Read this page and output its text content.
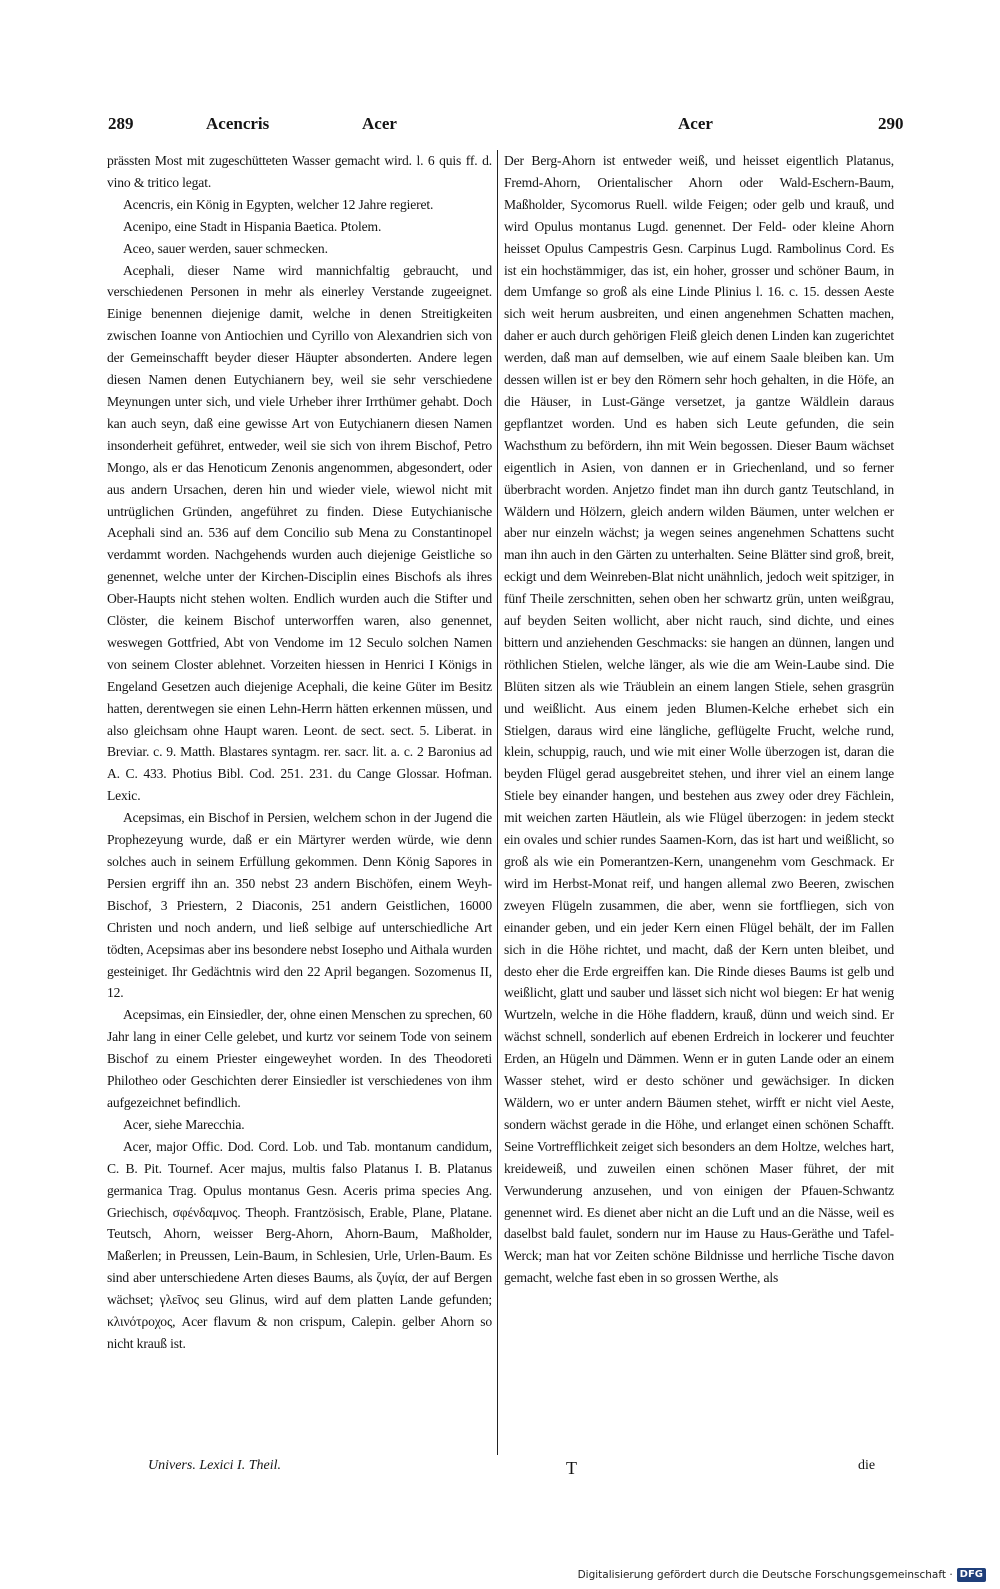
289	Acencris	Acer	Acer	290

prässten Most mit zugeschütteten Wasser gemacht wird. l. 6 quis ff. d. vino & tritico legat.

Acencris, ein König in Egypten, welcher 12 Jahre regieret.

Acenipo, eine Stadt in Hispania Baetica. Ptolem.

Aceo, sauer werden, sauer schmecken.

Acephali, dieser Name wird mannichfaltig gebraucht, und verschiedenen Personen in mehr als einerley Verstande zugeeignet. Einige benennen diejenige damit, welche in denen Streitigkeiten zwischen Ioanne von Antiochien und Cyrillo von Alexandrien sich von der Gemeinschafft beyder dieser Häupter absonderten. Andere legen diesen Namen denen Eutychianern bey, weil sie sehr verschiedene Meynungen unter sich, und viele Urheber ihrer Irrthümer gehabt. Doch kan auch seyn, daß eine gewisse Art von Eutychianern diesen Namen insonderheit geführet, entweder, weil sie sich von ihrem Bischof, Petro Mongo, als er das Henoticum Zenonis angenommen, abgesondert, oder aus andern Ursachen, deren hin und wieder viele, wiewol nicht mit untrüglichen Gründen, angeführet zu finden. Diese Eutychianische Acephali sind an. 536 auf dem Concilio sub Mena zu Constantinopel verdammt worden. Nachgehends wurden auch diejenige Geistliche so genennet, welche unter der Kirchen-Disciplin eines Bischofs als ihres Ober-Haupts nicht stehen wolten. Endlich wurden auch die Stifter und Clöster, die keinem Bischof unterworffen waren, also genennet, weswegen Gottfried, Abt von Vendome im 12 Seculo solchen Namen von seinem Closter ablehnet. Vorzeiten hiessen in Henrici I Königs in Engeland Gesetzen auch diejenige Acephali, die keine Güter im Besitz hatten, derentwegen sie einen Lehn-Herrn hätten erkennen müssen, und also gleichsam ohne Haupt waren. Leont. de sect. sect. 5. Liberat. in Breviar. c. 9. Matth. Blastares syntagm. rer. sacr. lit. a. c. 2 Baronius ad A. C. 433. Photius Bibl. Cod. 251. 231. du Cange Glossar. Hofman. Lexic.

Acepsimas, ein Bischof in Persien, welchem schon in der Jugend die Prophezeyung wurde, daß er ein Märtyrer werden würde, wie denn solches auch in seinem Erfüllung gekommen. Denn König Sapores in Persien ergriff ihn an. 350 nebst 23 andern Bischöfen, einem Weyh-Bischof, 3 Priestern, 2 Diaconis, 251 andern Geistlichen, 16000 Christen und noch andern, und ließ selbige auf unterschiedliche Art tödten, Acepsimas aber ins besondere nebst Iosepho und Aithala wurden gesteiniget. Ihr Gedächtnis wird den 22 April begangen. Sozomenus II, 12.

Acepsimas, ein Einsiedler, der, ohne einen Menschen zu sprechen, 60 Jahr lang in einer Celle gelebet, und kurtz vor seinem Tode von seinem Bischof zu einem Priester eingeweyhet worden. In des Theodoreti Philotheo oder Geschichten derer Einsiedler ist verschiedenes von ihm aufgezeichnet befindlich.

Acer, siehe Marecchia.

Acer, major Offic. Dod. Cord. Lob. und Tab. montanum candidum, C. B. Pit. Tournef. Acer majus, multis falso Platanus I. B. Platanus germanica Trag. Opulus montanus Gesn. Aceris prima species Ang. Griechisch, σφένδαμνος. Theoph. Frantzösisch, Erable, Plane, Platane. Teutsch, Ahorn, weisser Berg-Ahorn, Ahorn-Baum, Maßholder, Maßerlen; in Preussen, Lein-Baum, in Schlesien, Urle, Urlen-Baum. Es sind aber unterschiedene Arten dieses Baums, als ζυγία, der auf Bergen wächset; γλεῖνος seu Glinus, wird auf dem platten Lande gefunden; κλινότροχος, Acer flavum & non crispum, Calepin. gelber Ahorn so nicht krauß ist.

Der Berg-Ahorn ist entweder weiß, und heisset eigentlich Platanus, Fremd-Ahorn, Orientalischer Ahorn oder Wald-Eschern-Baum, Maßholder, Sycomorus Ruell. wilde Feigen; oder gelb und krauß, und wird Opulus montanus Lugd. genennet. Der Feld- oder kleine Ahorn heisset Opulus Campestris Gesn. Carpinus Lugd. Rambolinus Cord. Es ist ein hochstämmiger, das ist, ein hoher, grosser und schöner Baum, in dem Umfange so groß als eine Linde Plinius l. 16. c. 15. dessen Aeste sich weit herum ausbreiten, und einen angenehmen Schatten machen, daher er auch durch gehörigen Fleiß gleich denen Linden kan zugerichtet werden, daß man auf demselben, wie auf einem Saale bleiben kan. Um dessen willen ist er bey den Römern sehr hoch gehalten, in die Höfe, an die Häuser, in Lust-Gänge versetzet, ja gantze Wäldlein daraus gepflantzet worden. Und es haben sich Leute gefunden, die sein Wachsthum zu befördern, ihn mit Wein begossen. Dieser Baum wächset eigentlich in Asien, von dannen er in Griechenland, und so ferner überbracht worden. Anjetzo findet man ihn durch gantz Teutschland, in Wäldern und Hölzern, gleich andern wilden Bäumen, unter welchen er aber nur einzeln wächst; ja wegen seines angenehmen Schattens sucht man ihn auch in den Gärten zu unterhalten. Seine Blätter sind groß, breit, eckigt und dem Weinreben-Blat nicht unähnlich, jedoch weit spitziger, in fünf Theile zerschnitten, sehen oben her schwartz grün, unten weißgrau, auf beyden Seiten wollicht, aber nicht rauch, sind dichte, und eines bittern und anziehenden Geschmacks: sie hangen an dünnen, langen und röthlichen Stielen, welche länger, als wie die am Wein-Laube sind. Die Blüten sitzen als wie Träublein an einem langen Stiele, sehen grasgrün und weißlicht. Aus einem jeden Blumen-Kelche erhebet sich ein Stielgen, daraus wird eine längliche, geflügelte Frucht, welche rund, klein, schuppig, rauch, und wie mit einer Wolle überzogen ist, daran die beyden Flügel gerad ausgebreitet stehen, und ihrer viel an einem lange Stiele bey einander hangen, und bestehen aus zwey oder drey Fächlein, mit weichen zarten Häutlein, als wie Flügel überzogen: in jedem steckt ein ovales und schier rundes Saamen-Korn, das ist hart und weißlicht, so groß als wie ein Pomerantzen-Kern, unangenehm vom Geschmack. Er wird im Herbst-Monat reif, und hangen allemal zwo Beeren, zwischen zweyen Flügeln zusammen, die aber, wenn sie fortfliegen, sich von einander geben, und ein jeder Kern einen Flügel behält, der im Fallen sich in die Höhe richtet, und macht, daß der Kern unten bleibet, und desto eher die Erde ergreiffen kan. Die Rinde dieses Baums ist gelb und weißlicht, glatt und sauber und lässet sich nicht wol biegen: Er hat wenig Wurtzeln, welche in die Höhe fladdern, krauß, dünn und weich sind. Er wächst schnell, sonderlich auf ebenen Erdreich in lockerer und feuchter Erden, an Hügeln und Dämmen. Wenn er in guten Lande oder an einem Wasser stehet, wird er desto schöner und gewächsiger. In dicken Wäldern, wo er unter andern Bäumen stehet, wirfft er nicht viel Aeste, sondern wächst gerade in die Höhe, und erlanget einen schönen Schafft. Seine Vortrefflichkeit zeiget sich besonders an dem Holtze, welches hart, kreideweiß, und zuweilen einen schönen Maser führet, der mit Verwunderung anzusehen, und von einigen der Pfauen-Schwantz genennet wird. Es dienet aber nicht an die Luft und an die Nässe, weil es daselbst bald faulet, sondern nur im Hause zu Haus-Geräthe und Tafel-Werck; man hat vor Zeiten schöne Bildnisse und herrliche Tische davon gemacht, welche fast eben in so grossen Werthe, als

Univers. Lexici I. Theil.	T	die
Digitalisierung gefördert durch die Deutsche Forschungsgemeinschaft · DFG
